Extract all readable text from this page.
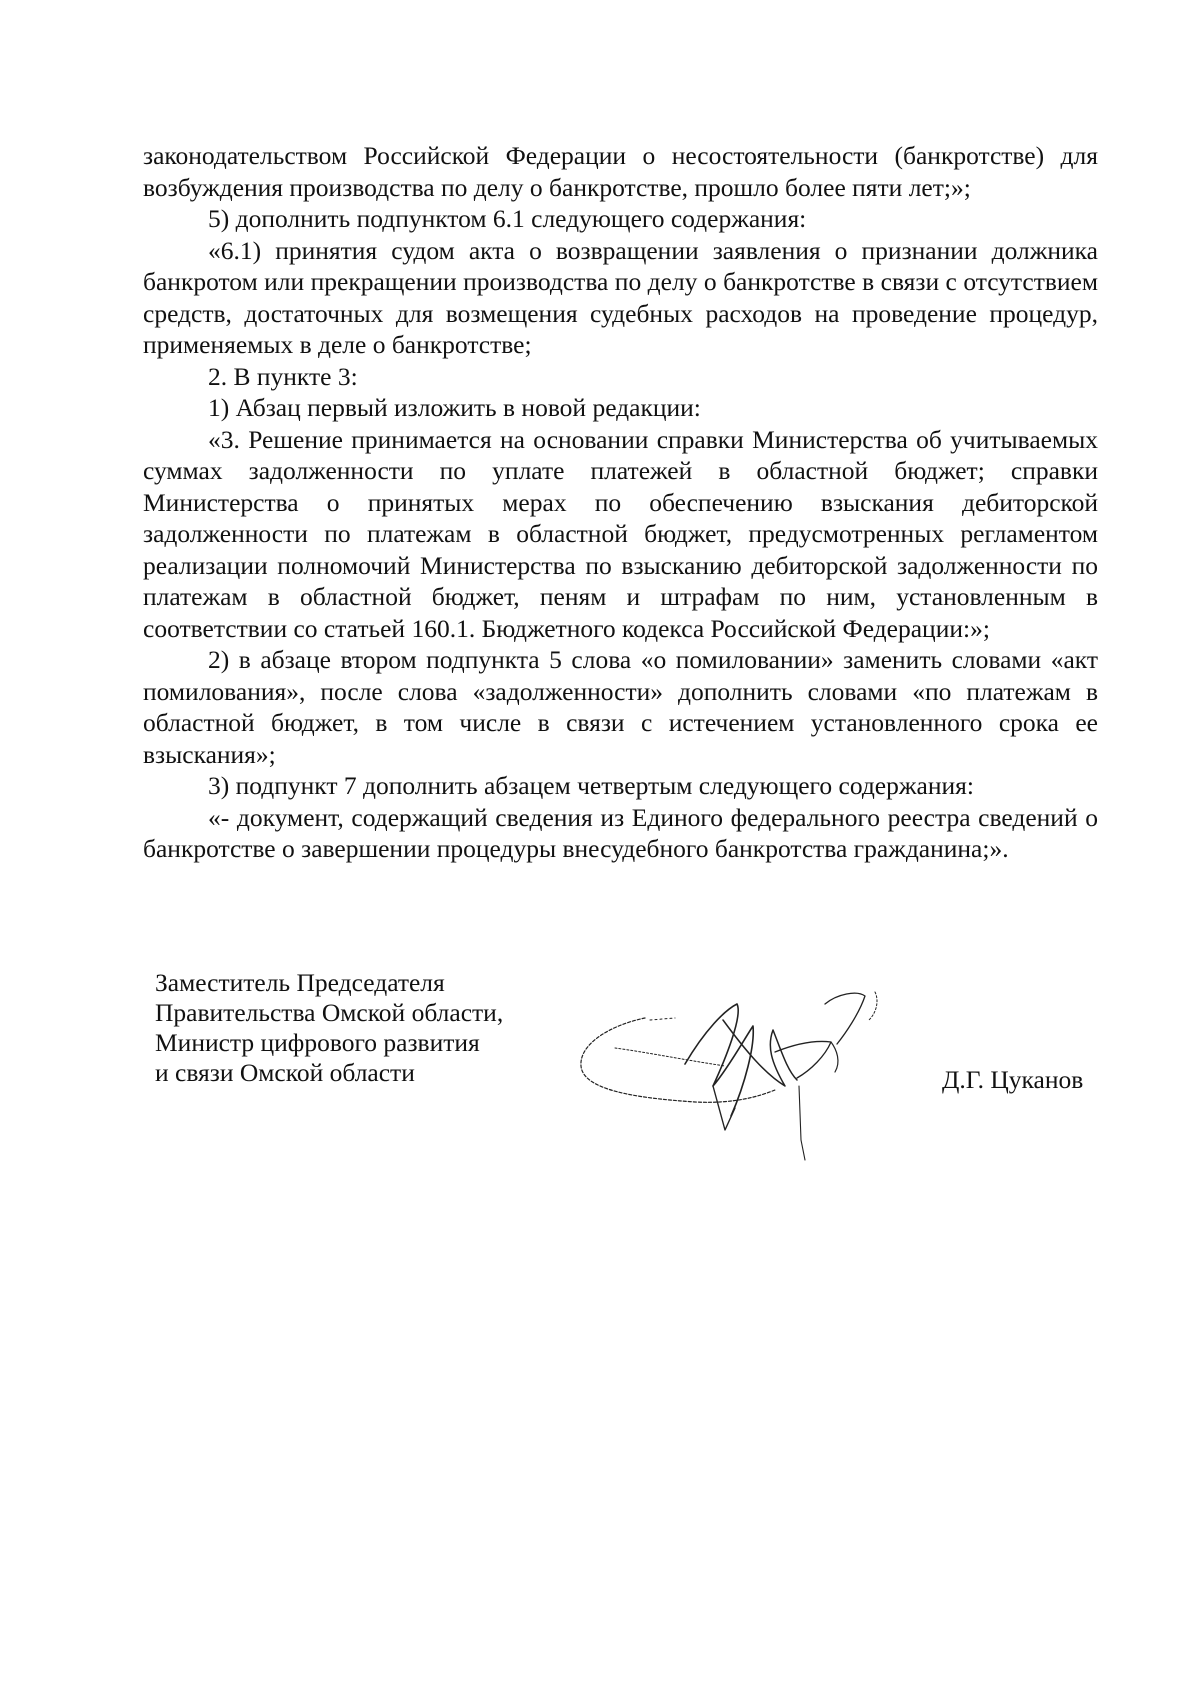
законодательством Российской Федерации о несостоятельности (банкротстве) для возбуждения производства по делу о банкротстве, прошло более пяти лет;»;

5) дополнить подпунктом 6.1 следующего содержания:

«6.1) принятия судом акта о возвращении заявления о признании должника банкротом или прекращении производства по делу о банкротстве в связи с отсутствием средств, достаточных для возмещения судебных расходов на проведение процедур, применяемых в деле о банкротстве;

2. В пункте 3:

1) Абзац первый изложить в новой редакции:

«3. Решение принимается на основании справки Министерства об учитываемых суммах задолженности по уплате платежей в областной бюджет; справки Министерства о принятых мерах по обеспечению взыскания дебиторской задолженности по платежам в областной бюджет, предусмотренных регламентом реализации полномочий Министерства по взысканию дебиторской задолженности по платежам в областной бюджет, пеням и штрафам по ним, установленным в соответствии со статьей 160.1. Бюджетного кодекса Российской Федерации:»;

2) в абзаце втором подпункта 5 слова «о помиловании» заменить словами «акт помилования», после слова «задолженности» дополнить словами «по платежам в областной бюджет, в том числе в связи с истечением установленного срока ее взыскания»;

3) подпункт 7 дополнить абзацем четвертым следующего содержания:

«- документ, содержащий сведения из Единого федерального реестра сведений о банкротстве о завершении процедуры внесудебного банкротства гражданина;».

Заместитель Председателя
Правительства Омской области,
Министр цифрового развития
и связи Омской области	Д.Г. Цуканов
